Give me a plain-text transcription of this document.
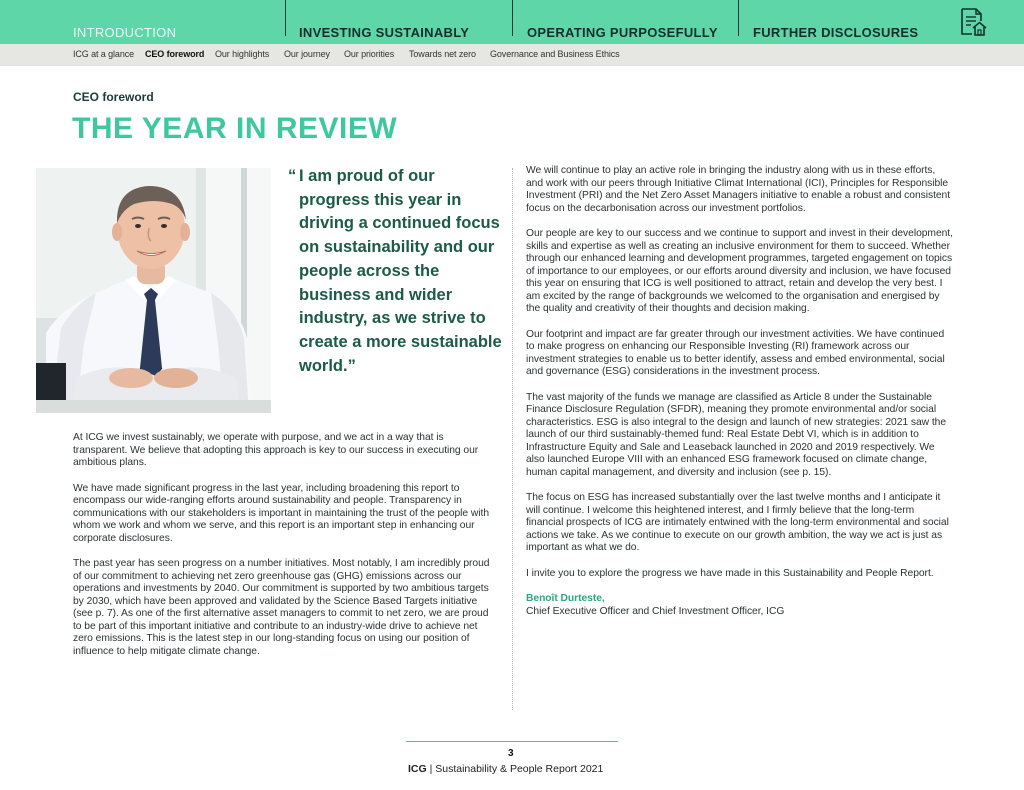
INTRODUCTION	INVESTING SUSTAINABLY	OPERATING PURPOSEFULLY	FURTHER DISCLOSURES
ICG at a glance CEO foreword Our highlights Our journey Our priorities Towards net zero Governance and Business Ethics
CEO foreword
THE YEAR IN REVIEW
“ I am proud of our progress this year in driving a continued focus on sustainability and our people across the business and wider industry, as we strive to create a more sustainable world.”

At ICG we invest sustainably, we operate with purpose, and we act in a way that is transparent. We believe that adopting this approach is key to our success in executing our ambitious plans.

We have made significant progress in the last year, including broadening this report to encompass our wide-ranging efforts around sustainability and people. Transparency in communications with our stakeholders is important in maintaining the trust of the people with whom we work and whom we serve, and this report is an important step in enhancing our corporate disclosures.

The past year has seen progress on a number initiatives. Most notably, I am incredibly proud of our commitment to achieving net zero greenhouse gas (GHG) emissions across our operations and investments by 2040. Our commitment is supported by two ambitious targets by 2030, which have been approved and validated by the Science Based Targets initiative (see p. 7). As one of the first alternative asset managers to commit to net zero, we are proud to be part of this important initiative and contribute to an industry-wide drive to achieve net zero emissions. This is the latest step in our long-standing focus on using our position of influence to help mitigate climate change.

We will continue to play an active role in bringing the industry along with us in these efforts, and work with our peers through Initiative Climat International (ICI), Principles for Responsible Investment (PRI) and the Net Zero Asset Managers initiative to enable a robust and consistent focus on the decarbonisation across our investment portfolios.

Our people are key to our success and we continue to support and invest in their development, skills and expertise as well as creating an inclusive environment for them to succeed. Whether through our enhanced learning and development programmes, targeted engagement on topics of importance to our employees, or our efforts around diversity and inclusion, we have focused this year on ensuring that ICG is well positioned to attract, retain and develop the very best. I am excited by the range of backgrounds we welcomed to the organisation and energised by the quality and creativity of their thoughts and decision making.

Our footprint and impact are far greater through our investment activities. We have continued to make progress on enhancing our Responsible Investing (RI) framework across our investment strategies to enable us to better identify, assess and embed environmental, social and governance (ESG) considerations in the investment process.

The vast majority of the funds we manage are classified as Article 8 under the Sustainable Finance Disclosure Regulation (SFDR), meaning they promote environmental and/or social characteristics. ESG is also integral to the design and launch of new strategies: 2021 saw the launch of our third sustainably-themed fund: Real Estate Debt VI, which is in addition to Infrastructure Equity and Sale and Leaseback launched in 2020 and 2019 respectively. We also launched Europe VIII with an enhanced ESG framework focused on climate change, human capital management, and diversity and inclusion (see p. 15).

The focus on ESG has increased substantially over the last twelve months and I anticipate it will continue. I welcome this heightened interest, and I firmly believe that the long-term financial prospects of ICG are intimately entwined with the long-term environmental and social actions we take. As we continue to execute on our growth ambition, the way we act is just as important as what we do.

I invite you to explore the progress we have made in this Sustainability and People Report.

Benoît Durteste,
Chief Executive Officer and Chief Investment Officer, ICG
3
ICG | Sustainability & People Report 2021
